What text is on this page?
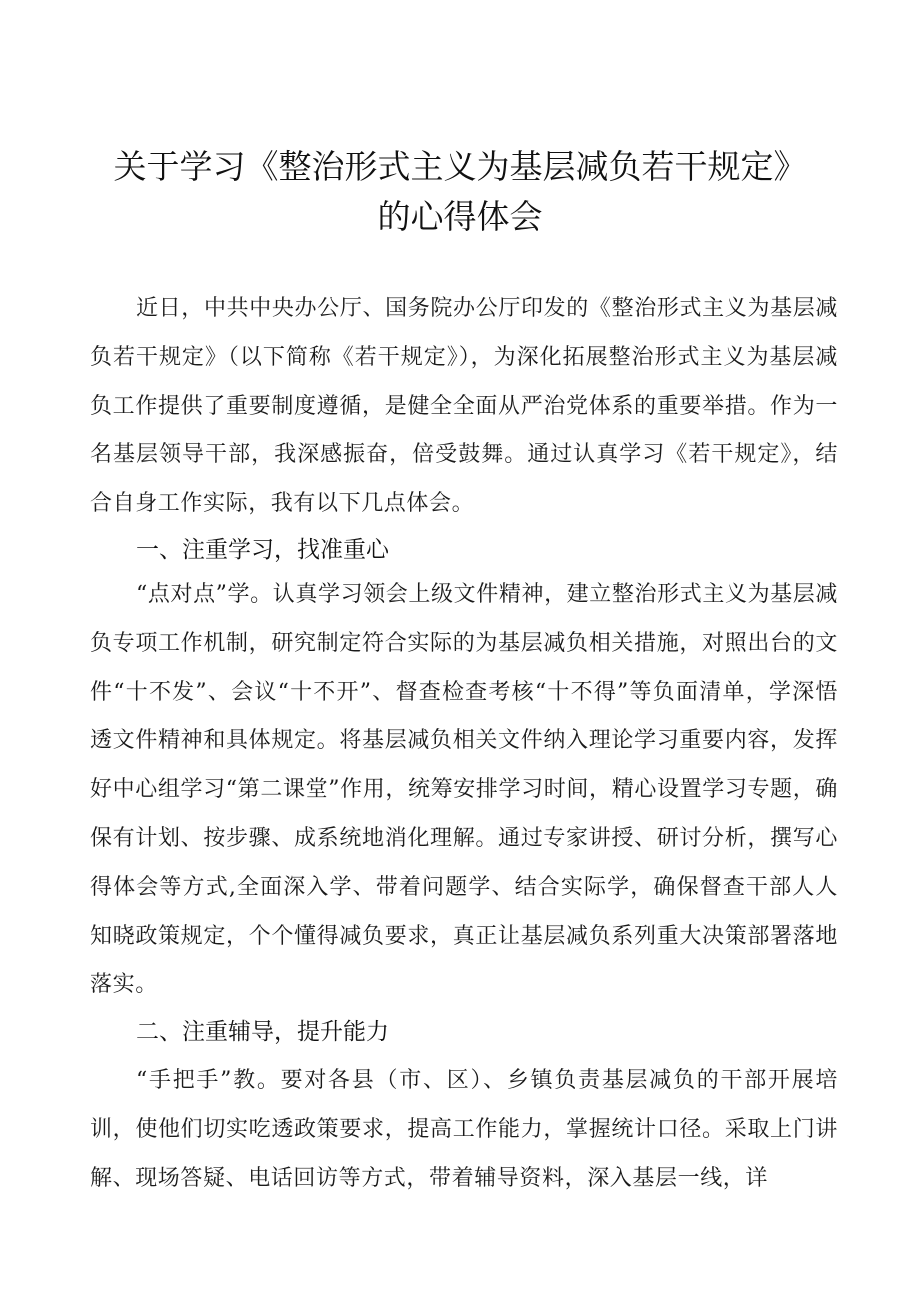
关于学习《整治形式主义为基层减负若干规定》
的心得体会

近日，中共中央办公厅、国务院办公厅印发的《整治形式主义为基层减负若干规定》（以下简称《若干规定》），为深化拓展整治形式主义为基层减负工作提供了重要制度遵循，是健全全面从严治党体系的重要举措。作为一名基层领导干部，我深感振奋，倍受鼓舞。通过认真学习《若干规定》，结合自身工作实际，我有以下几点体会。

一、注重学习，找准重心

“点对点”学。认真学习领会上级文件精神，建立整治形式主义为基层减负专项工作机制，研究制定符合实际的为基层减负相关措施，对照出台的文件“十不发”、会议“十不开”、督查检查考核“十不得”等负面清单，学深悟透文件精神和具体规定。将基层减负相关文件纳入理论学习重要内容，发挥好中心组学习“第二课堂”作用，统筹安排学习时间，精心设置学习专题，确保有计划、按步骤、成系统地消化理解。通过专家讲授、研讨分析，撰写心得体会等方式,全面深入学、带着问题学、结合实际学，确保督查干部人人知晓政策规定，个个懂得减负要求，真正让基层减负系列重大决策部署落地落实。

二、注重辅导，提升能力

“手把手”教。要对各县（市、区）、乡镇负责基层减负的干部开展培训，使他们切实吃透政策要求，提高工作能力，掌握统计口径。采取上门讲解、现场答疑、电话回访等方式，带着辅导资料，深入基层一线，详
